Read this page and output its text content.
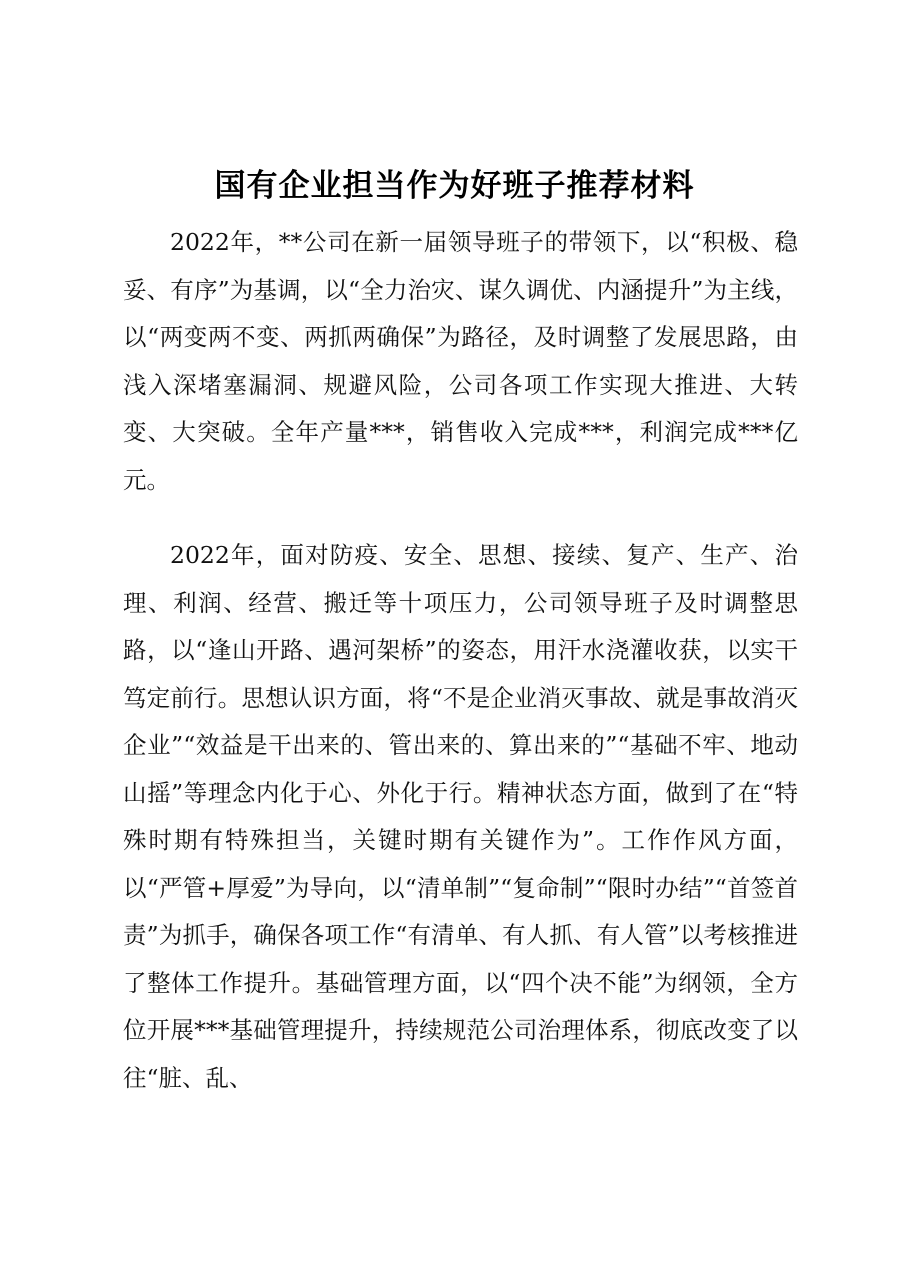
国有企业担当作为好班子推荐材料

2022年，**公司在新一届领导班子的带领下，以“积极、稳妥、有序”为基调，以“全力治灾、谋久调优、内涵提升”为主线，以“两变两不变、两抓两确保”为路径，及时调整了发展思路，由浅入深堵塞漏洞、规避风险，公司各项工作实现大推进、大转变、大突破。全年产量***，销售收入完成***，利润完成***亿元。

2022年，面对防疫、安全、思想、接续、复产、生产、治理、利润、经营、搬迁等十项压力，公司领导班子及时调整思路，以“逢山开路、遇河架桥”的姿态，用汗水浇灌收获，以实干笃定前行。思想认识方面，将“不是企业消灭事故、就是事故消灭企业”“效益是干出来的、管出来的、算出来的”“基础不牢、地动山摇”等理念内化于心、外化于行。精神状态方面，做到了在“特殊时期有特殊担当，关键时期有关键作为”。工作作风方面，以“严管+厚爱”为导向，以“清单制”“复命制”“限时办结”“首签首责”为抓手，确保各项工作“有清单、有人抓、有人管”以考核推进了整体工作提升。基础管理方面，以“四个决不能”为纲领，全方位开展***基础管理提升，持续规范公司治理体系，彻底改变了以往“脏、乱、
